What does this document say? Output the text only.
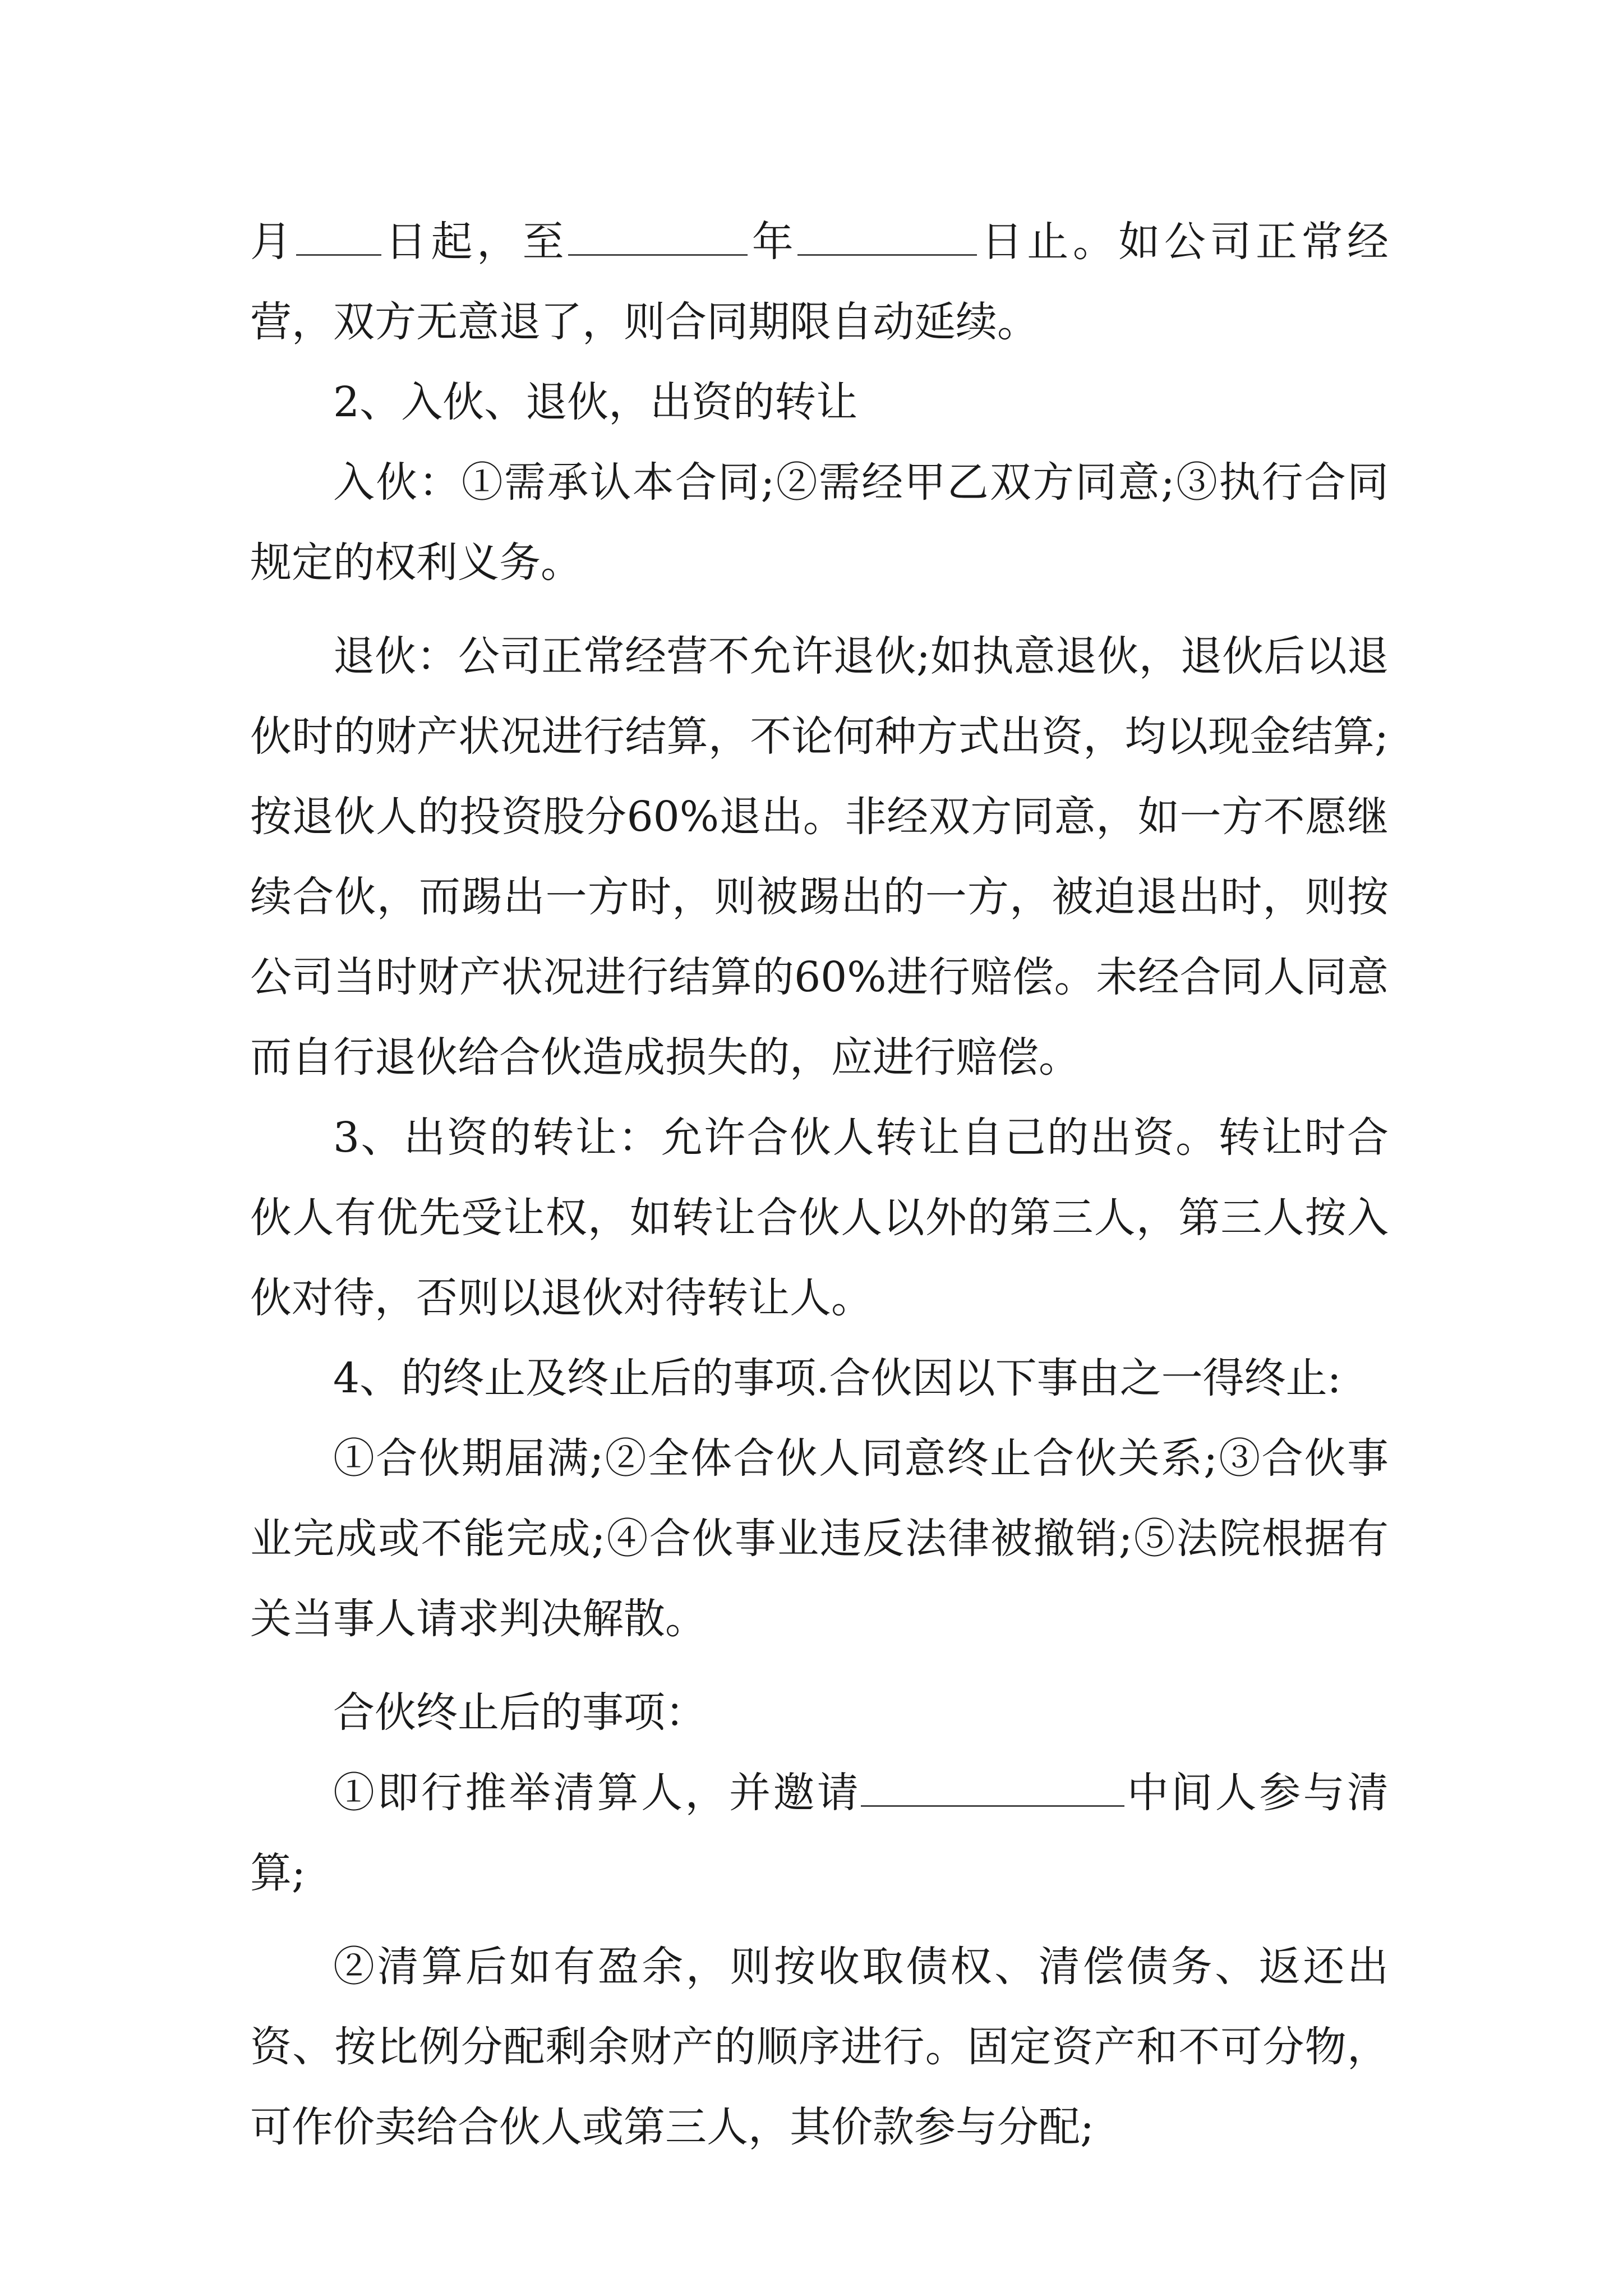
月 日起，至	年	日止。如公司正常经营，双方无意退了，则合同期限自动延续。

2、入伙、退伙，出资的转让

入伙：①需承认本合同;②需经甲乙双方同意;③执行合同规定的权利义务。

退伙：公司正常经营不允许退伙;如执意退伙，退伙后以退伙时的财产状况进行结算，不论何种方式出资，均以现金结算;按退伙人的投资股分60%退出。非经双方同意，如一方不愿继续合伙，而踢出一方时，则被踢出的一方，被迫退出时，则按公司当时财产状况进行结算的60%进行赔偿。未经合同人同意而自行退伙给合伙造成损失的，应进行赔偿。

3、出资的转让：允许合伙人转让自己的出资。转让时合伙人有优先受让权，如转让合伙人以外的第三人，第三人按入伙对待，否则以退伙对待转让人。

4、的终止及终止后的事项.合伙因以下事由之一得终止:

①合伙期届满;②全体合伙人同意终止合伙关系;③合伙事业完成或不能完成;④合伙事业违反法律被撤销;⑤法院根据有关当事人请求判决解散。

合伙终止后的事项：

①即行推举清算人，并邀请	中间人参与清算;

②清算后如有盈余，则按收取债权、清偿债务、返还出资、按比例分配剩余财产的顺序进行。固定资产和不可分物，可作价卖给合伙人或第三人，其价款参与分配;
